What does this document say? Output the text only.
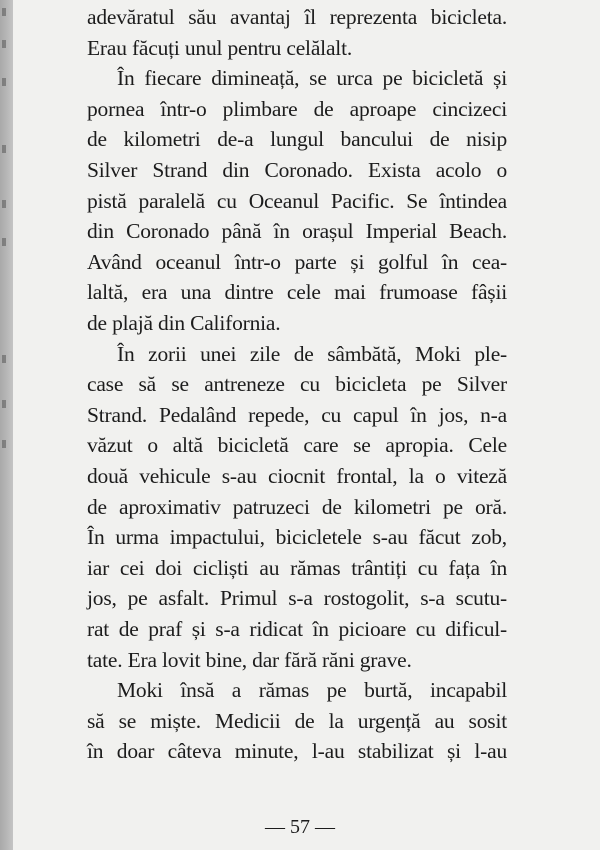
adevăratul său avantaj îl reprezenta bicicleta.
Erau făcuți unul pentru celălalt.
În fiecare dimineață, se urca pe bicicletă și
pornea într-o plimbare de aproape cincizeci
de kilometri de-a lungul bancului de nisip
Silver Strand din Coronado. Exista acolo o
pistă paralelă cu Oceanul Pacific. Se întindea
din Coronado până în orașul Imperial Beach.
Având oceanul într-o parte și golful în cea-
laltă, era una dintre cele mai frumoase fâșii
de plajă din California.
În zorii unei zile de sâmbătă, Moki ple-
case să se antreneze cu bicicleta pe Silver
Strand. Pedalând repede, cu capul în jos, n-a
văzut o altă bicicletă care se apropia. Cele
două vehicule s-au ciocnit frontal, la o viteză
de aproximativ patruzeci de kilometri pe oră.
În urma impactului, bicicletele s-au făcut zob,
iar cei doi cicliști au rămas trântiți cu fața în
jos, pe asfalt. Primul s-a rostogolit, s-a scutu-
rat de praf și s-a ridicat în picioare cu dificul-
tate. Era lovit bine, dar fără răni grave.
Moki însă a rămas pe burtă, incapabil
să se miște. Medicii de la urgență au sosit
în doar câteva minute, l-au stabilizat și l-au
— 57 —
